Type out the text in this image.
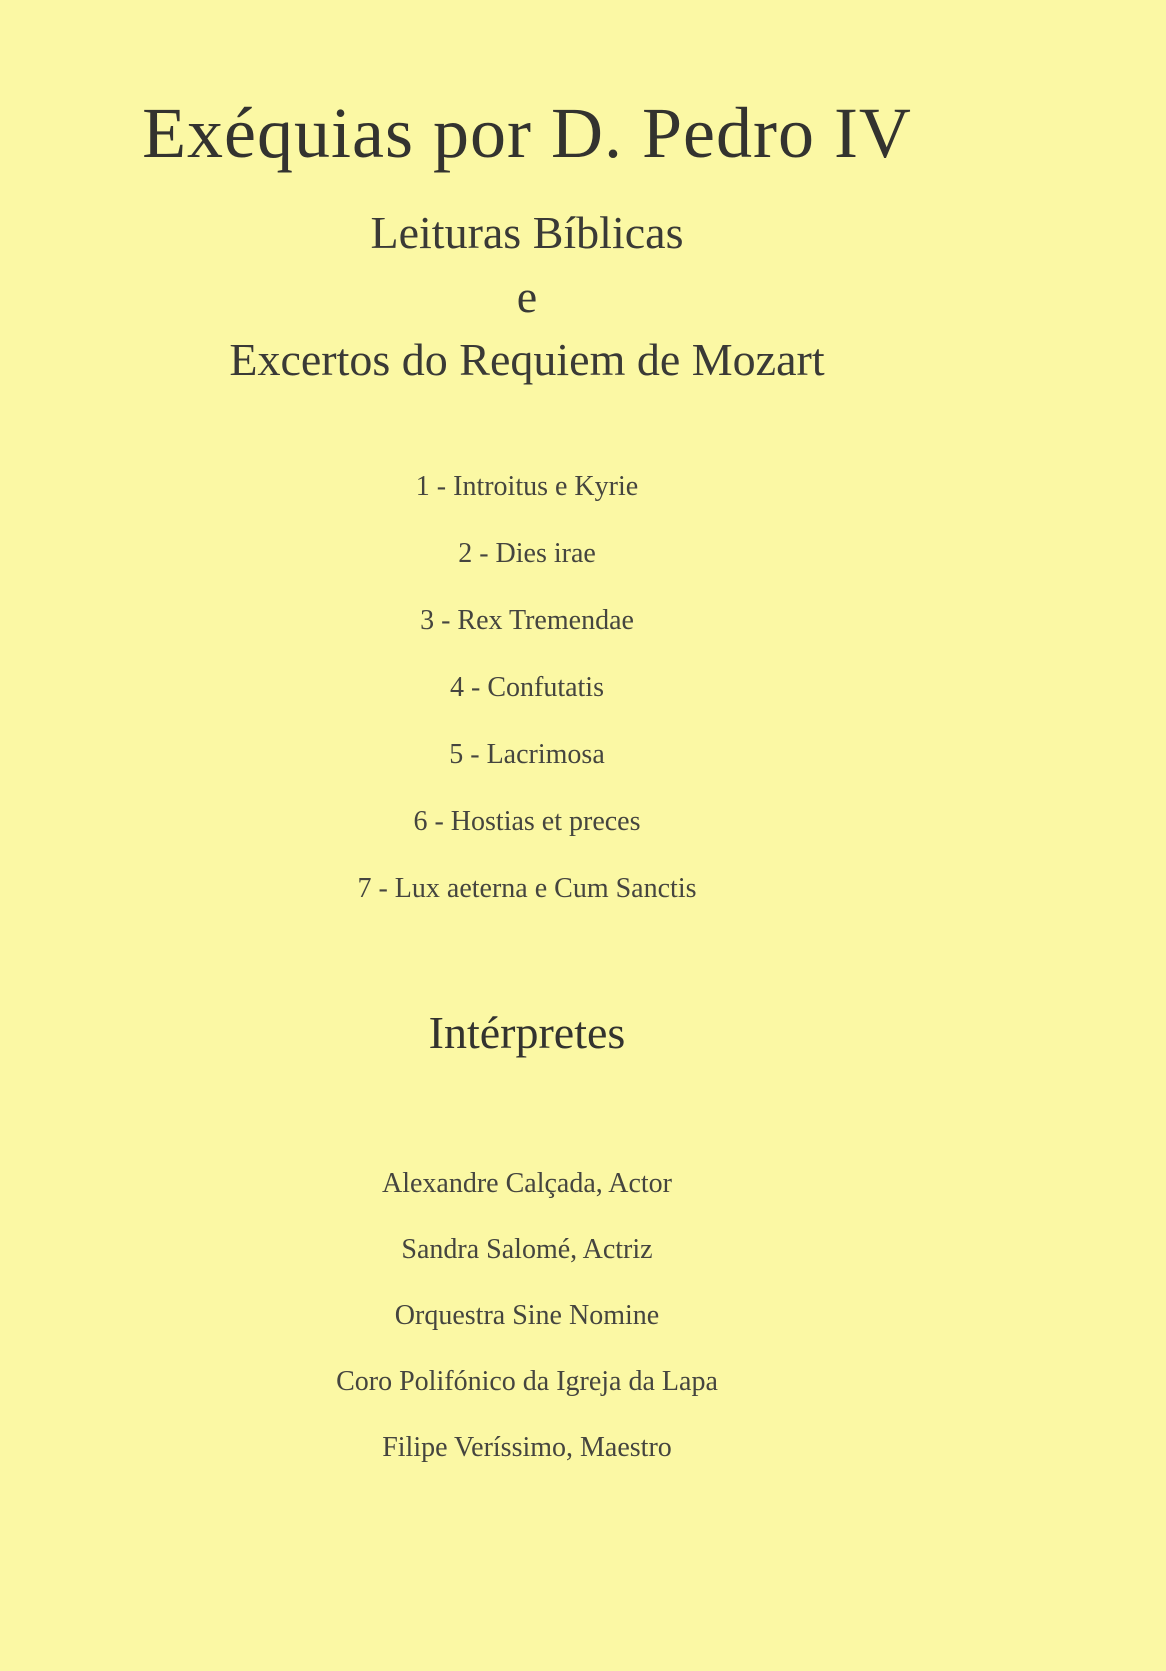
Exéquias por D. Pedro IV
Leituras Bíblicas
e
Excertos do Requiem de Mozart
1 - Introitus e Kyrie
2 - Dies irae
3 - Rex Tremendae
4 - Confutatis
5 - Lacrimosa
6 - Hostias et preces
7 - Lux aeterna e Cum Sanctis
Intérpretes
Alexandre Calçada, Actor
Sandra Salomé, Actriz
Orquestra Sine Nomine
Coro Polifónico da Igreja da Lapa
Filipe Veríssimo, Maestro
